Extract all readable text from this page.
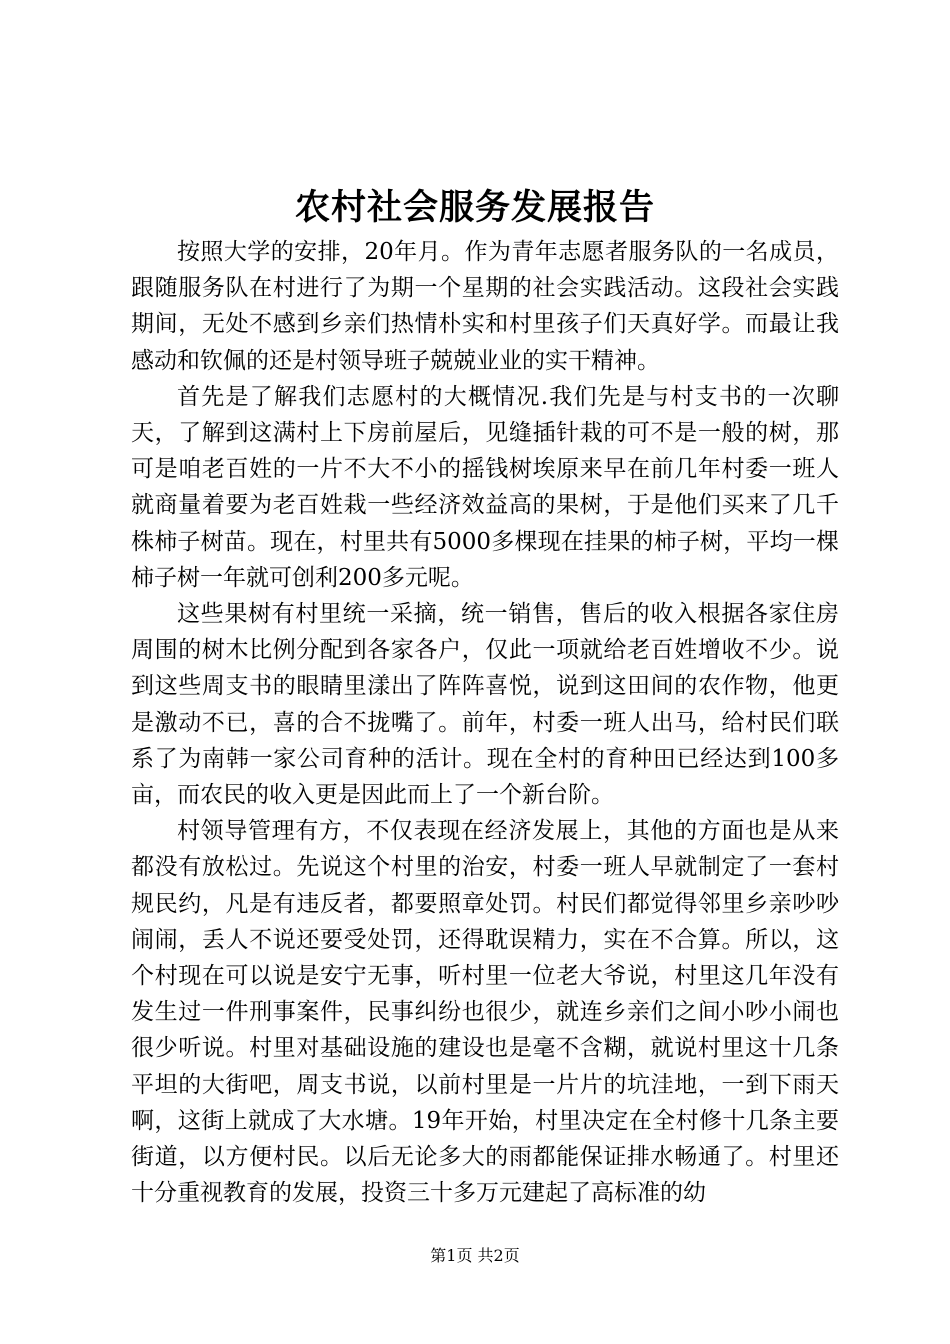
农村社会服务发展报告

按照大学的安排，20年月。作为青年志愿者服务队的一名成员，跟随服务队在村进行了为期一个星期的社会实践活动。这段社会实践期间，无处不感到乡亲们热情朴实和村里孩子们天真好学。而最让我感动和钦佩的还是村领导班子兢兢业业的实干精神。

首先是了解我们志愿村的大概情况.我们先是与村支书的一次聊天，了解到这满村上下房前屋后，见缝插针栽的可不是一般的树，那可是咱老百姓的一片不大不小的摇钱树埃原来早在前几年村委一班人就商量着要为老百姓栽一些经济效益高的果树，于是他们买来了几千株柿子树苗。现在，村里共有5000多棵现在挂果的柿子树，平均一棵柿子树一年就可创利200多元呢。

这些果树有村里统一采摘，统一销售，售后的收入根据各家住房周围的树木比例分配到各家各户，仅此一项就给老百姓增收不少。说到这些周支书的眼睛里漾出了阵阵喜悦，说到这田间的农作物，他更是激动不已，喜的合不拢嘴了。前年，村委一班人出马，给村民们联系了为南韩一家公司育种的活计。现在全村的育种田已经达到100多亩，而农民的收入更是因此而上了一个新台阶。

村领导管理有方，不仅表现在经济发展上，其他的方面也是从来都没有放松过。先说这个村里的治安，村委一班人早就制定了一套村规民约，凡是有违反者，都要照章处罚。村民们都觉得邻里乡亲吵吵闹闹，丢人不说还要受处罚，还得耽误精力，实在不合算。所以，这个村现在可以说是安宁无事，听村里一位老大爷说，村里这几年没有发生过一件刑事案件，民事纠纷也很少，就连乡亲们之间小吵小闹也很少听说。村里对基础设施的建设也是毫不含糊，就说村里这十几条平坦的大街吧，周支书说，以前村里是一片片的坑洼地，一到下雨天啊，这街上就成了大水塘。19年开始，村里决定在全村修十几条主要街道，以方便村民。以后无论多大的雨都能保证排水畅通了。村里还十分重视教育的发展，投资三十多万元建起了高标准的幼

第1页 共2页
